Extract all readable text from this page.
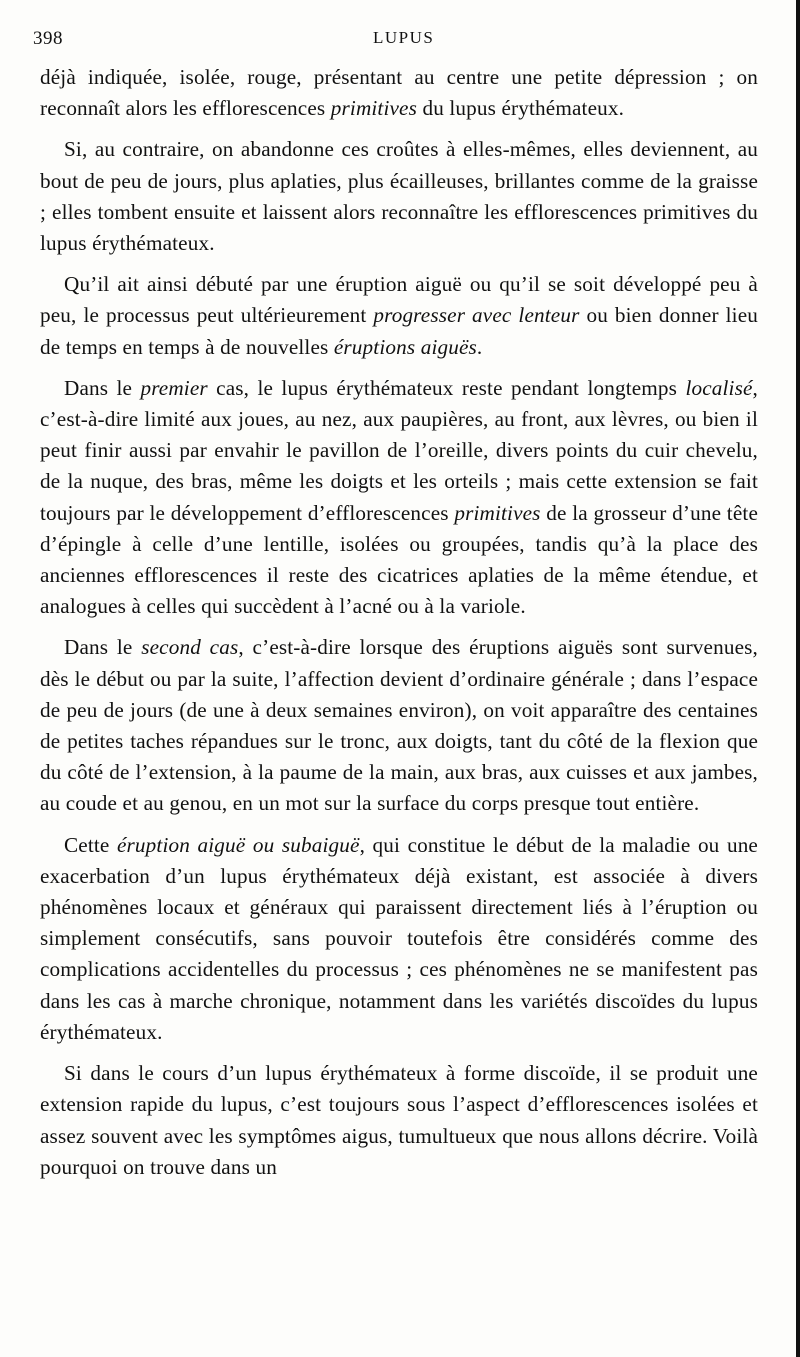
398	LUPUS

déjà indiquée, isolée, rouge, présentant au centre une petite dépression ; on reconnaît alors les efflorescences primitives du lupus érythémateux.

Si, au contraire, on abandonne ces croûtes à elles-mêmes, elles deviennent, au bout de peu de jours, plus aplaties, plus écailleuses, brillantes comme de la graisse ; elles tombent ensuite et laissent alors reconnaître les efflorescences primitives du lupus érythémateux.

Qu’il ait ainsi débuté par une éruption aiguë ou qu’il se soit développé peu à peu, le processus peut ultérieurement progresser avec lenteur ou bien donner lieu de temps en temps à de nouvelles éruptions aiguës.

Dans le premier cas, le lupus érythémateux reste pendant longtemps localisé, c’est-à-dire limité aux joues, au nez, aux paupières, au front, aux lèvres, ou bien il peut finir aussi par envahir le pavillon de l’oreille, divers points du cuir chevelu, de la nuque, des bras, même les doigts et les orteils ; mais cette extension se fait toujours par le développement d’efflorescences primitives de la grosseur d’une tête d’épingle à celle d’une lentille, isolées ou groupées, tandis qu’à la place des anciennes efflorescences il reste des cicatrices aplaties de la même étendue, et analogues à celles qui succèdent à l’acné ou à la variole.

Dans le second cas, c’est-à-dire lorsque des éruptions aiguës sont survenues, dès le début ou par la suite, l’affection devient d’ordinaire générale ; dans l’espace de peu de jours (de une à deux semaines environ), on voit apparaître des centaines de petites taches répandues sur le tronc, aux doigts, tant du côté de la flexion que du côté de l’extension, à la paume de la main, aux bras, aux cuisses et aux jambes, au coude et au genou, en un mot sur la surface du corps presque tout entière.

Cette éruption aiguë ou subaiguë, qui constitue le début de la maladie ou une exacerbation d’un lupus érythémateux déjà existant, est associée à divers phénomènes locaux et généraux qui paraissent directement liés à l’éruption ou simplement consécutifs, sans pouvoir toutefois être considérés comme des complications accidentelles du processus ; ces phénomènes ne se manifestent pas dans les cas à marche chronique, notamment dans les variétés discoïdes du lupus érythémateux.

Si dans le cours d’un lupus érythémateux à forme discoïde, il se produit une extension rapide du lupus, c’est toujours sous l’aspect d’efflorescences isolées et assez souvent avec les symptômes aigus, tumultueux que nous allons décrire. Voilà pourquoi on trouve dans un
